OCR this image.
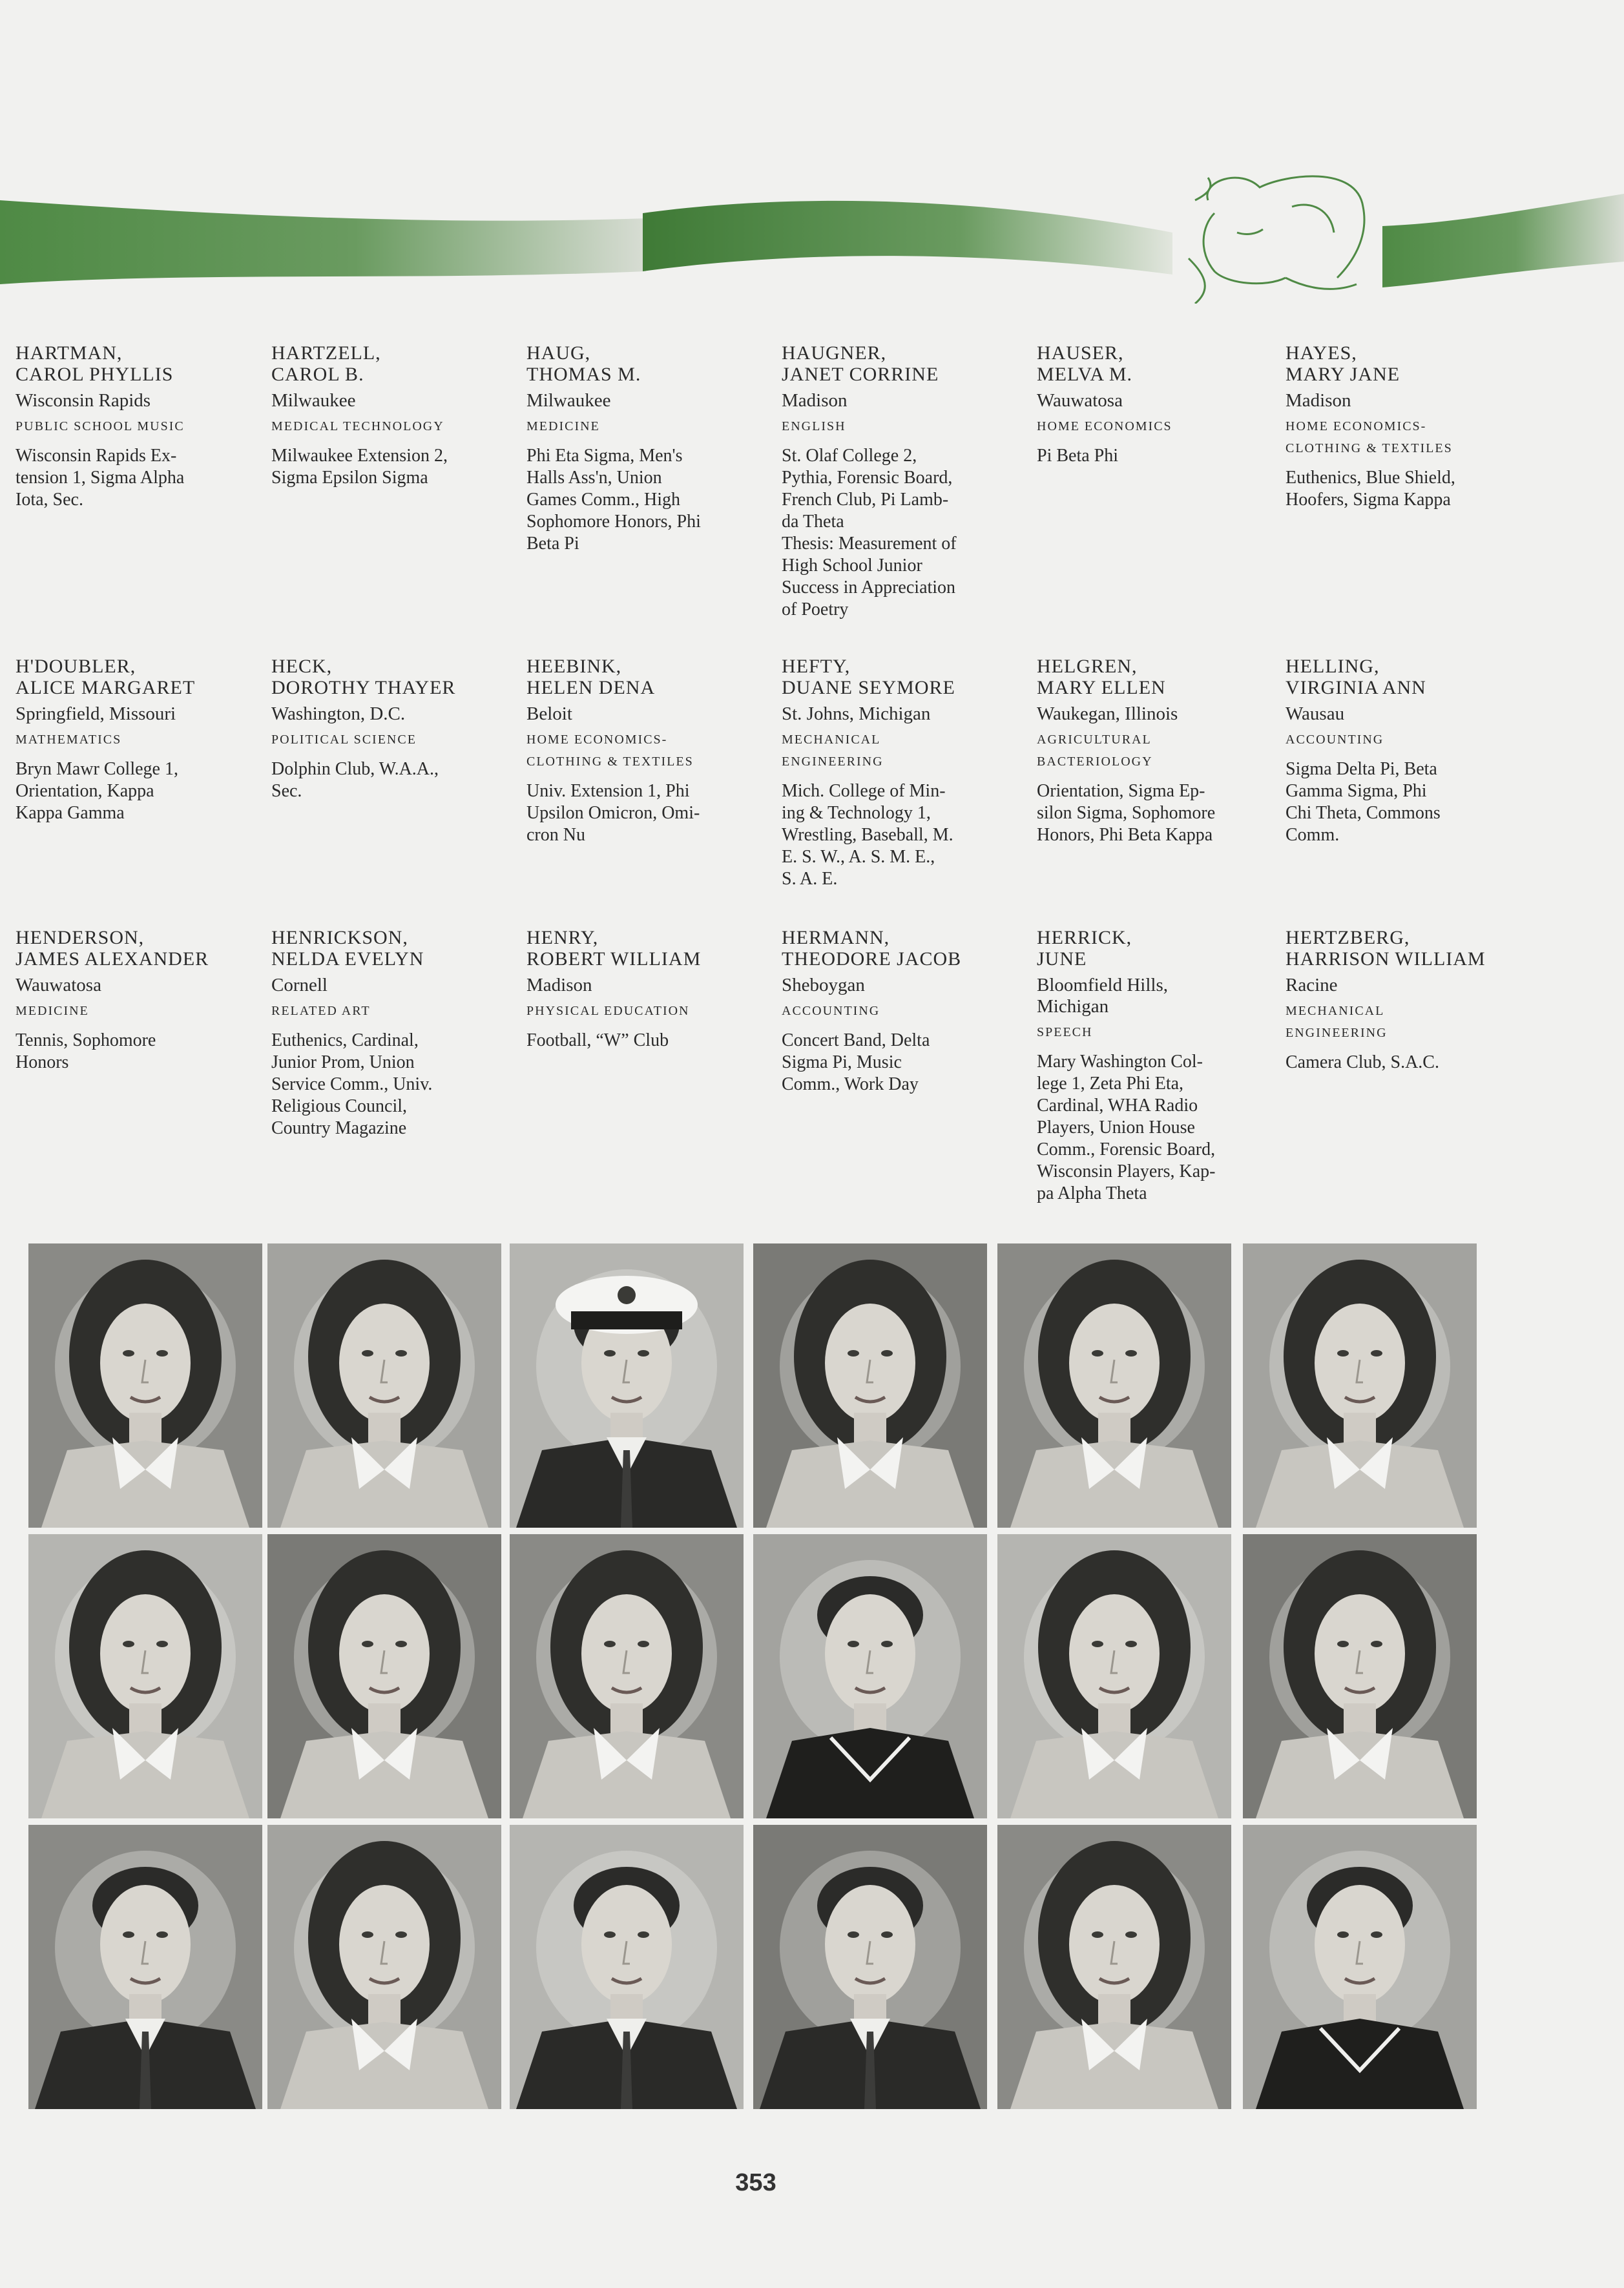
HARTMAN,
CAROL PHYLLIS
Wisconsin Rapids
PUBLIC SCHOOL MUSIC
Wisconsin Rapids Ex-
tension 1, Sigma Alpha
Iota, Sec.
HARTZELL,
CAROL B.
Milwaukee
MEDICAL TECHNOLOGY
Milwaukee Extension 2,
Sigma Epsilon Sigma
HAUG,
THOMAS M.
Milwaukee
MEDICINE
Phi Eta Sigma, Men's
Halls Ass'n, Union
Games Comm., High
Sophomore Honors, Phi
Beta Pi
HAUGNER,
JANET CORRINE
Madison
ENGLISH
St. Olaf College 2,
Pythia, Forensic Board,
French Club, Pi Lamb-
da Theta
Thesis: Measurement of
High School Junior
Success in Appreciation
of Poetry
HAUSER,
MELVA M.
Wauwatosa
HOME ECONOMICS
Pi Beta Phi
HAYES,
MARY JANE
Madison
HOME ECONOMICS-
CLOTHING & TEXTILES
Euthenics, Blue Shield,
Hoofers, Sigma Kappa
H'DOUBLER,
ALICE MARGARET
Springfield, Missouri
MATHEMATICS
Bryn Mawr College 1,
Orientation, Kappa
Kappa Gamma
HECK,
DOROTHY THAYER
Washington, D.C.
POLITICAL SCIENCE
Dolphin Club, W.A.A.,
Sec.
HEEBINK,
HELEN DENA
Beloit
HOME ECONOMICS-
CLOTHING & TEXTILES
Univ. Extension 1, Phi
Upsilon Omicron, Omi-
cron Nu
HEFTY,
DUANE SEYMORE
St. Johns, Michigan
MECHANICAL
ENGINEERING
Mich. College of Min-
ing & Technology 1,
Wrestling, Baseball, M.
E. S. W., A. S. M. E.,
S. A. E.
HELGREN,
MARY ELLEN
Waukegan, Illinois
AGRICULTURAL
BACTERIOLOGY
Orientation, Sigma Ep-
silon Sigma, Sophomore
Honors, Phi Beta Kappa
HELLING,
VIRGINIA ANN
Wausau
ACCOUNTING
Sigma Delta Pi, Beta
Gamma Sigma, Phi
Chi Theta, Commons
Comm.
HENDERSON,
JAMES ALEXANDER
Wauwatosa
MEDICINE
Tennis, Sophomore
Honors
HENRICKSON,
NELDA EVELYN
Cornell
RELATED ART
Euthenics, Cardinal,
Junior Prom, Union
Service Comm., Univ.
Religious Council,
Country Magazine
HENRY,
ROBERT WILLIAM
Madison
PHYSICAL EDUCATION
Football, “W” Club
HERMANN,
THEODORE JACOB
Sheboygan
ACCOUNTING
Concert Band, Delta
Sigma Pi, Music
Comm., Work Day
HERRICK,
JUNE
Bloomfield Hills,
Michigan
SPEECH
Mary Washington Col-
lege 1, Zeta Phi Eta,
Cardinal, WHA Radio
Players, Union House
Comm., Forensic Board,
Wisconsin Players, Kap-
pa Alpha Theta
HERTZBERG,
HARRISON WILLIAM
Racine
MECHANICAL
ENGINEERING
Camera Club, S.A.C.
353
